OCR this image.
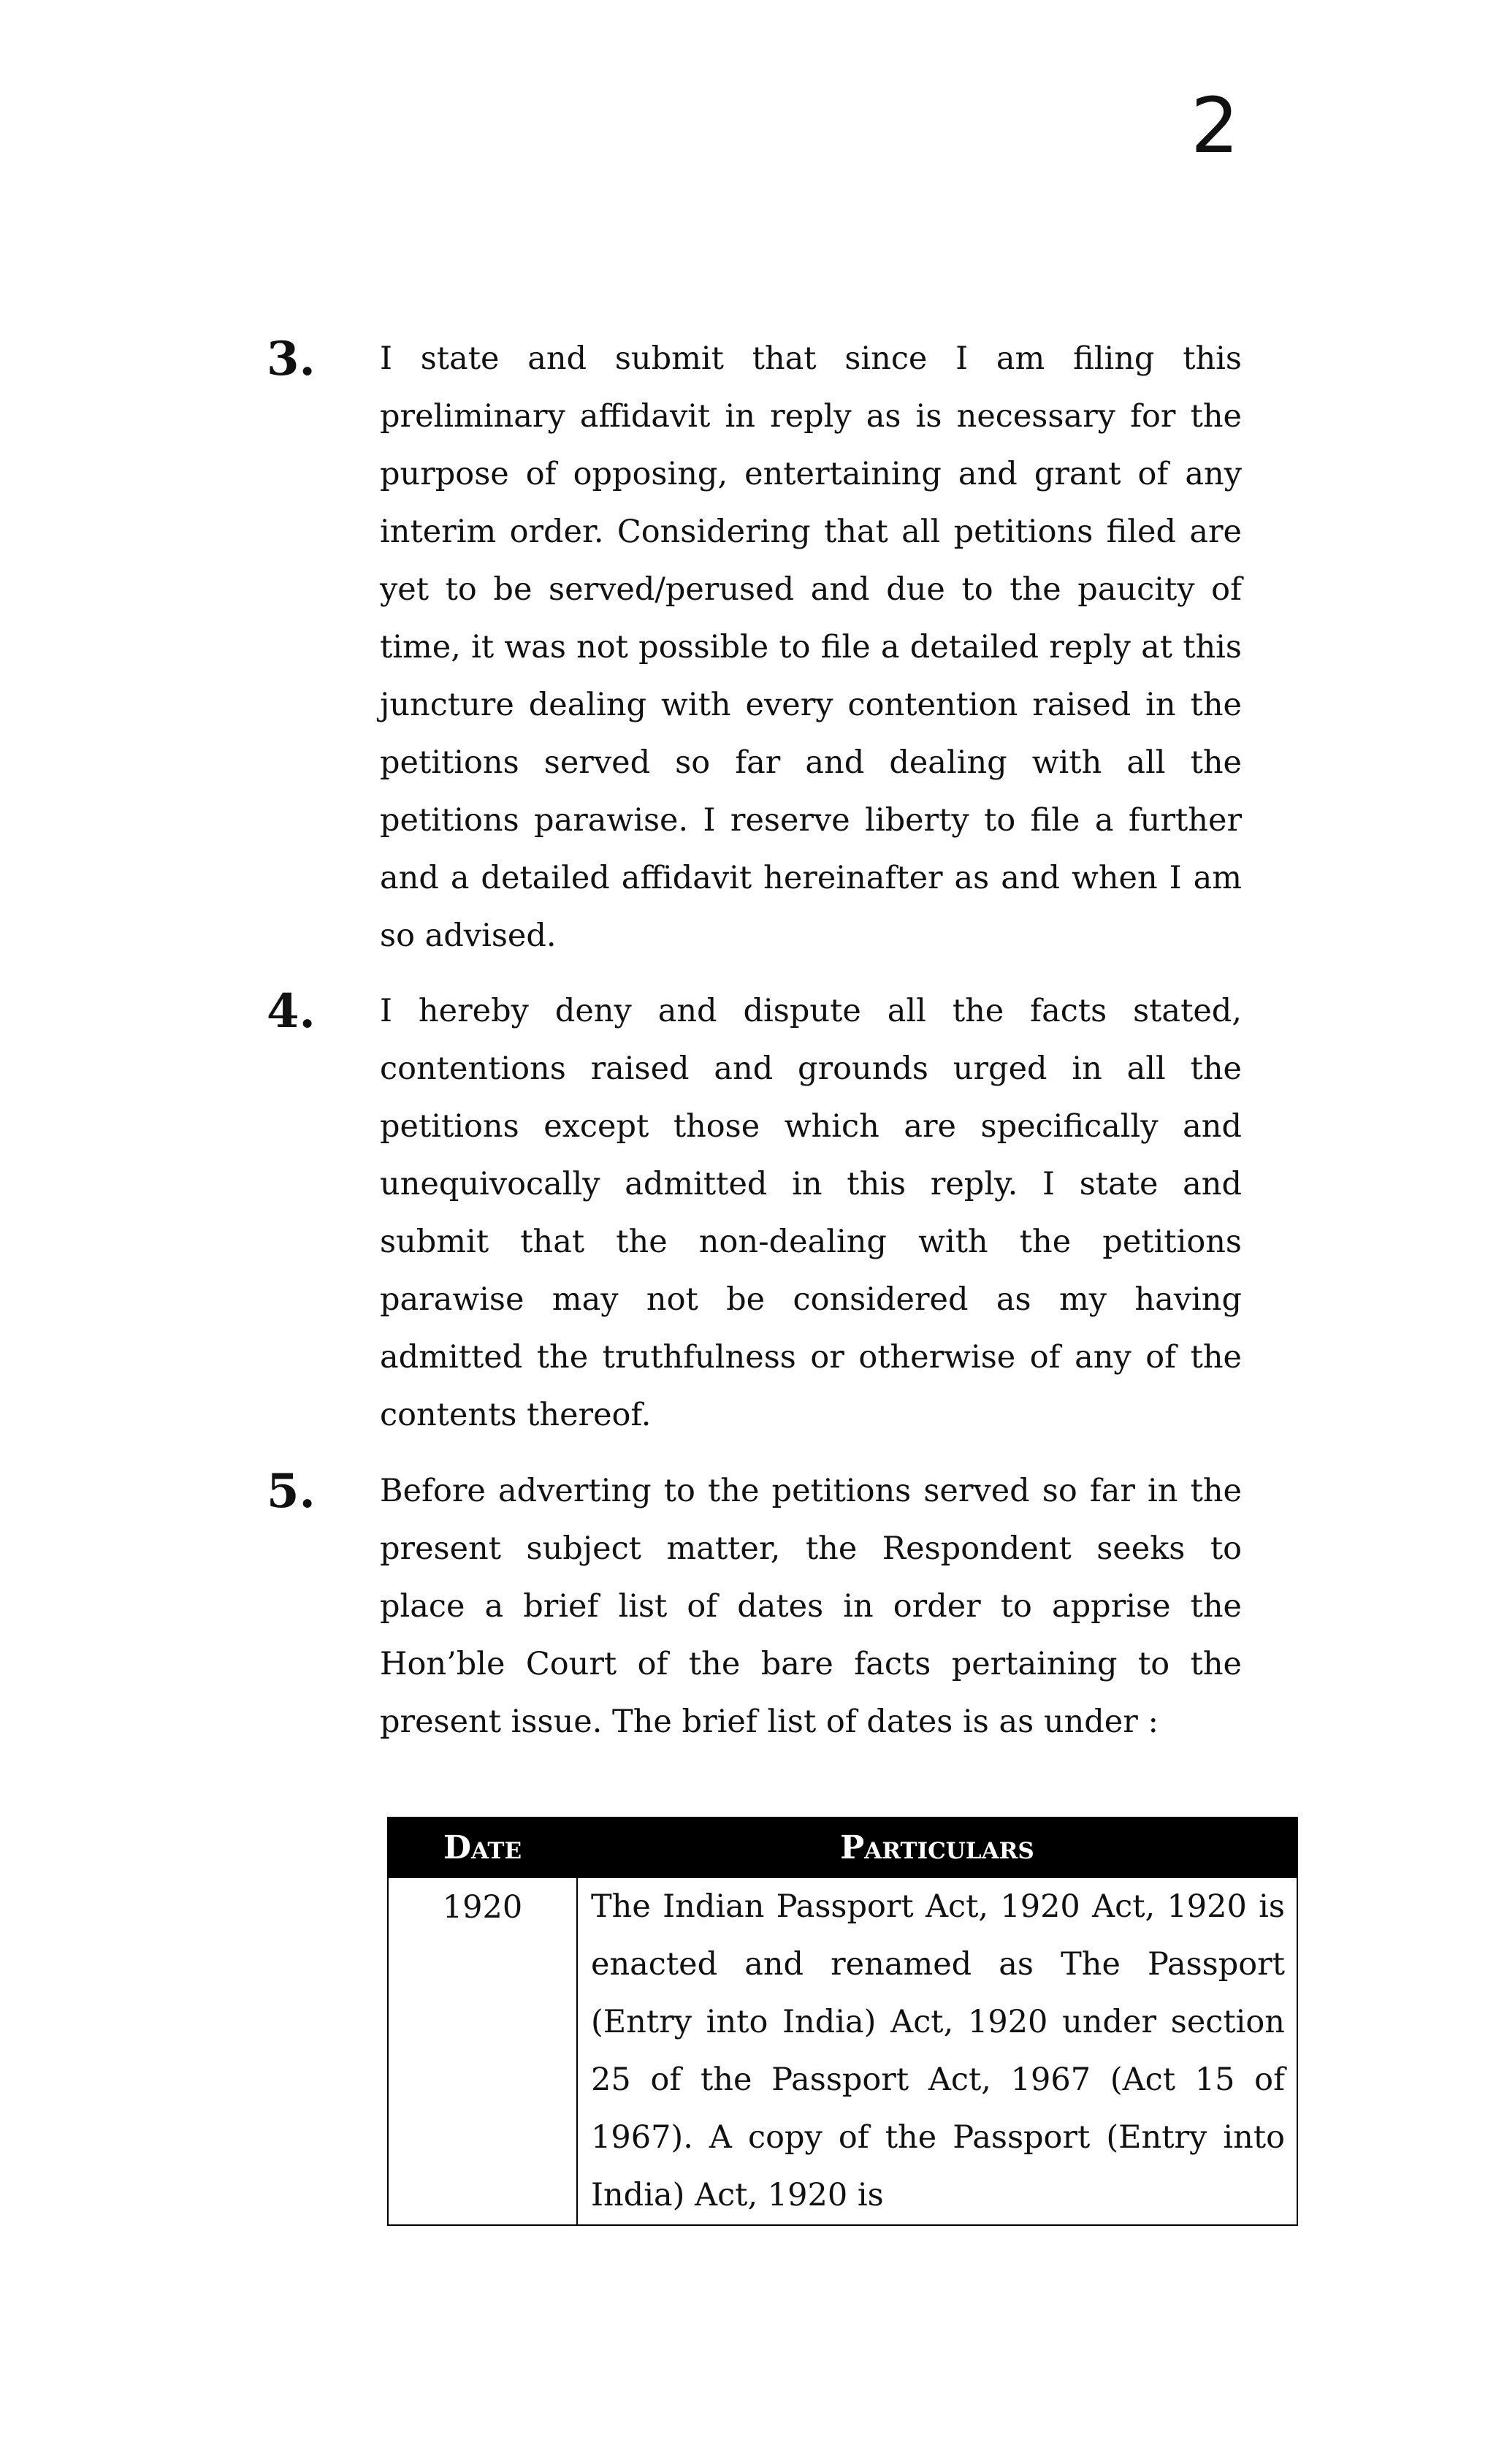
2
3. I state and submit that since I am filing this preliminary affidavit in reply as is necessary for the purpose of opposing, entertaining and grant of any interim order. Considering that all petitions filed are yet to be served/perused and due to the paucity of time, it was not possible to file a detailed reply at this juncture dealing with every contention raised in the petitions served so far and dealing with all the petitions parawise. I reserve liberty to file a further and a detailed affidavit hereinafter as and when I am so advised.
4. I hereby deny and dispute all the facts stated, contentions raised and grounds urged in all the petitions except those which are specifically and unequivocally admitted in this reply. I state and submit that the non-dealing with the petitions parawise may not be considered as my having admitted the truthfulness or otherwise of any of the contents thereof.
5. Before adverting to the petitions served so far in the present subject matter, the Respondent seeks to place a brief list of dates in order to apprise the Hon’ble Court of the bare facts pertaining to the present issue. The brief list of dates is as under :
Date	Particulars
1920	The Indian Passport Act, 1920 Act, 1920 is enacted and renamed as The Passport (Entry into India) Act, 1920 under section 25 of the Passport Act, 1967 (Act 15 of 1967). A copy of the Passport (Entry into India) Act, 1920 is
